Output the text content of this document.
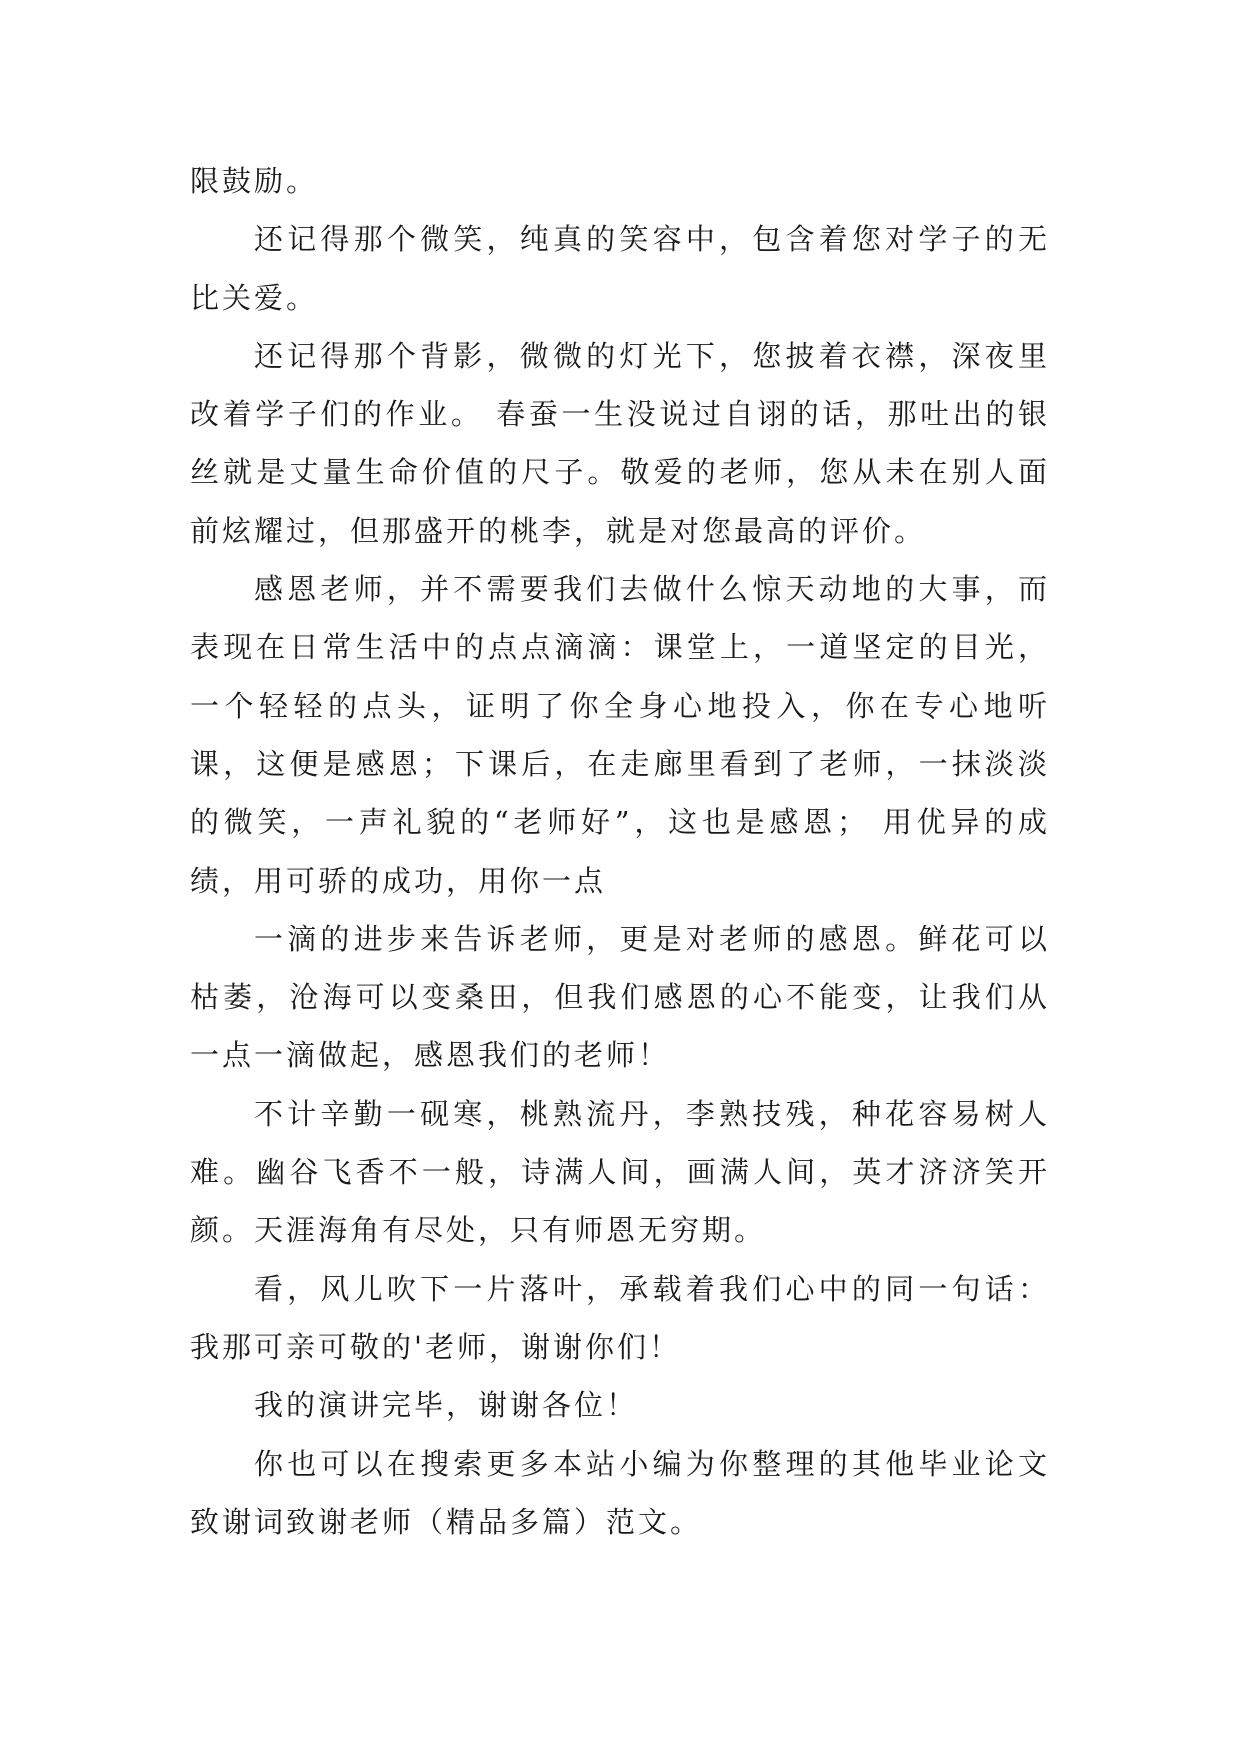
限鼓励。

还记得那个微笑，纯真的笑容中，包含着您对学子的无比关爱。

还记得那个背影，微微的灯光下，您披着衣襟，深夜里改着学子们的作业。 春蚕一生没说过自诩的话，那吐出的银丝就是丈量生命价值的尺子。敬爱的老师，您从未在别人面前炫耀过，但那盛开的桃李，就是对您最高的评价。

感恩老师，并不需要我们去做什么惊天动地的大事，而表现在日常生活中的点点滴滴：课堂上，一道坚定的目光，一个轻轻的点头，证明了你全身心地投入，你在专心地听课，这便是感恩；下课后，在走廊里看到了老师，一抹淡淡的微笑，一声礼貌的“老师好”，这也是感恩； 用优异的成绩，用可骄的成功，用你一点

一滴的进步来告诉老师，更是对老师的感恩。鲜花可以枯萎，沧海可以变桑田，但我们感恩的心不能变，让我们从一点一滴做起，感恩我们的老师！

不计辛勤一砚寒，桃熟流丹，李熟技残，种花容易树人难。幽谷飞香不一般，诗满人间，画满人间，英才济济笑开颜。天涯海角有尽处，只有师恩无穷期。

看，风儿吹下一片落叶，承载着我们心中的同一句话：我那可亲可敬的'老师，谢谢你们！

我的演讲完毕，谢谢各位！

你也可以在搜索更多本站小编为你整理的其他毕业论文致谢词致谢老师（精品多篇）范文。
